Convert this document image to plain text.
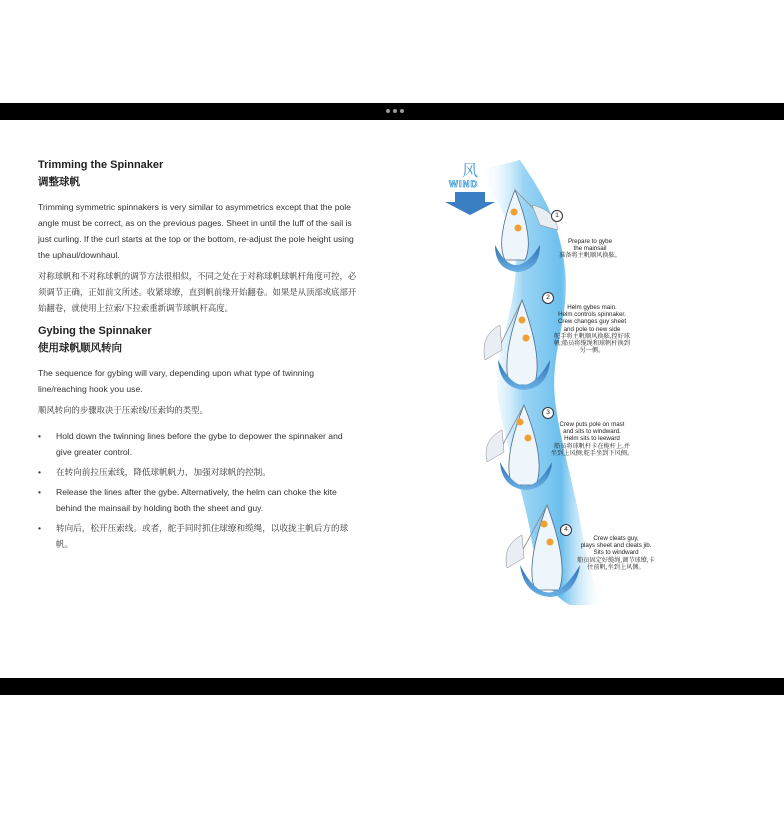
Trimming the Spinnaker
调整球帆

Trimming symmetric spinnakers is very similar to asymmetrics except that the pole angle must be correct, as on the previous pages. Sheet in until the luff of the sail is just curling. If the curl starts at the top or the bottom, re-adjust the pole height using the uphaul/downhaul.

对称球帆和不对称球帆的调节方法很相似，不同之处在于对称球帆球帆杆角度可控，必须调节正确，正如前文所述。收紧球缭，直到帆前缘开始翻卷。如果是从顶部或底部开始翻卷，就使用上拉索/下拉索重新调节球帆杆高度。

Gybing the Spinnaker
使用球帆顺风转向

The sequence for gybing will vary, depending upon what type of twinning line/reaching hook you use.

顺风转向的步骤取决于压索线/压索钩的类型。

• Hold down the twinning lines before the gybe to depower the spinnaker and give greater control.
• 在转向前拉压索线，降低球帆帆力，加强对球帆的控制。
• Release the lines after the gybe. Alternatively, the helm can choke the kite behind the mainsail by holding both the sheet and guy.
• 转向后，松开压索线。或者，舵手同时抓住球缭和缆绳，以收拢主帆后方的球帆。
风
WIND
1
2
3
4
Prepare to gybe
the mainsail
准备将主帆顺风换舷。
Helm gybes main.
Helm controls spinnaker.
Crew changes guy sheet
and pole to new side
舵手将主帆顺风换舷,控好球
帆;船员将缆绳和球帆杆换到
另一侧。
Crew puts pole on mast
and sits to windward.
Helm sits to leeward
船员将球帆杆卡在桅杆上,并
坐到上风侧;舵手坐到下风侧。
Crew cleats guy,
plays sheet and cleats jib.
Sits to windward
船员固定好缆绳,调节球缭,卡
住前帆,坐到上风侧。
